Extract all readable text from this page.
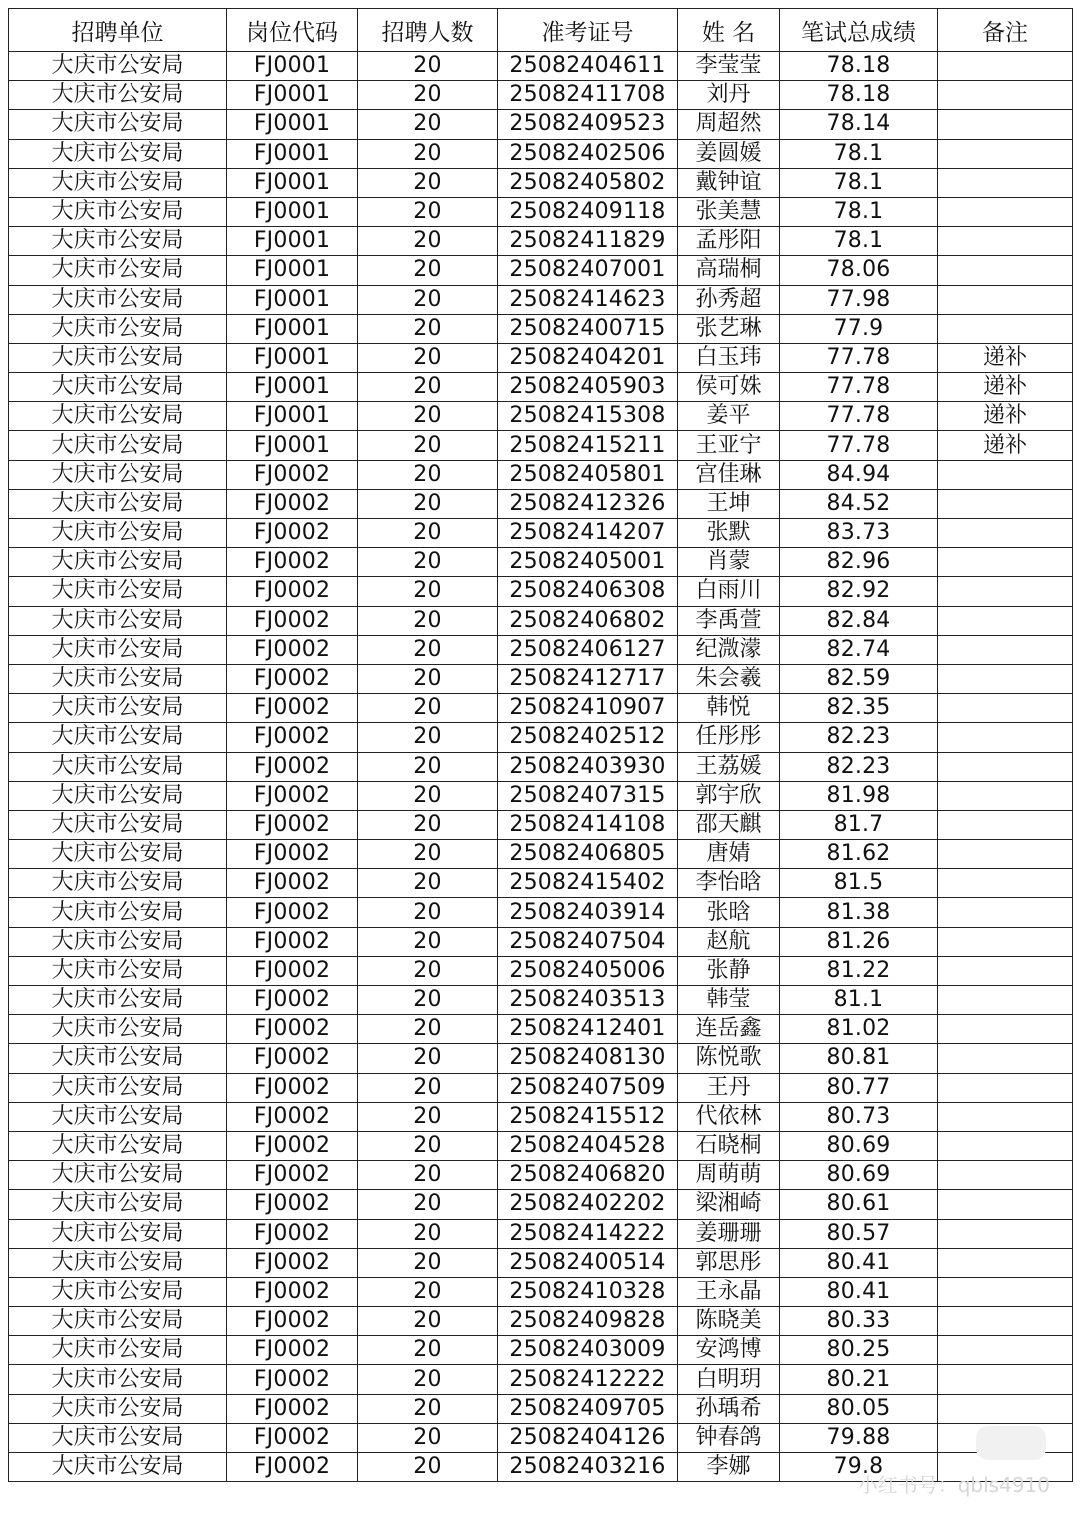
招聘单位	岗位代码	招聘人数	准考证号	姓 名	笔试总成绩	备注
大庆市公安局	FJ0001	20	25082404611	李莹莹	78.18	
大庆市公安局	FJ0001	20	25082411708	刘丹	78.18	
大庆市公安局	FJ0001	20	25082409523	周超然	78.14	
大庆市公安局	FJ0001	20	25082402506	姜圆媛	78.1	
大庆市公安局	FJ0001	20	25082405802	戴钟谊	78.1	
大庆市公安局	FJ0001	20	25082409118	张美慧	78.1	
大庆市公安局	FJ0001	20	25082411829	孟彤阳	78.1	
大庆市公安局	FJ0001	20	25082407001	高瑞桐	78.06	
大庆市公安局	FJ0001	20	25082414623	孙秀超	77.98	
大庆市公安局	FJ0001	20	25082400715	张艺琳	77.9	
大庆市公安局	FJ0001	20	25082404201	白玉玮	77.78	递补
大庆市公安局	FJ0001	20	25082405903	侯可姝	77.78	递补
大庆市公安局	FJ0001	20	25082415308	姜平	77.78	递补
大庆市公安局	FJ0001	20	25082415211	王亚宁	77.78	递补
大庆市公安局	FJ0002	20	25082405801	宫佳琳	84.94	
大庆市公安局	FJ0002	20	25082412326	王坤	84.52	
大庆市公安局	FJ0002	20	25082414207	张默	83.73	
大庆市公安局	FJ0002	20	25082405001	肖蒙	82.96	
大庆市公安局	FJ0002	20	25082406308	白雨川	82.92	
大庆市公安局	FJ0002	20	25082406802	李禹萱	82.84	
大庆市公安局	FJ0002	20	25082406127	纪溦濛	82.74	
大庆市公安局	FJ0002	20	25082412717	朱会羲	82.59	
大庆市公安局	FJ0002	20	25082410907	韩悦	82.35	
大庆市公安局	FJ0002	20	25082402512	任彤彤	82.23	
大庆市公安局	FJ0002	20	25082403930	王荔媛	82.23	
大庆市公安局	FJ0002	20	25082407315	郭宇欣	81.98	
大庆市公安局	FJ0002	20	25082414108	邵天麒	81.7	
大庆市公安局	FJ0002	20	25082406805	唐婧	81.62	
大庆市公安局	FJ0002	20	25082415402	李怡晗	81.5	
大庆市公安局	FJ0002	20	25082403914	张晗	81.38	
大庆市公安局	FJ0002	20	25082407504	赵航	81.26	
大庆市公安局	FJ0002	20	25082405006	张静	81.22	
大庆市公安局	FJ0002	20	25082403513	韩莹	81.1	
大庆市公安局	FJ0002	20	25082412401	连岳鑫	81.02	
大庆市公安局	FJ0002	20	25082408130	陈悦歌	80.81	
大庆市公安局	FJ0002	20	25082407509	王丹	80.77	
大庆市公安局	FJ0002	20	25082415512	代依林	80.73	
大庆市公安局	FJ0002	20	25082404528	石晓桐	80.69	
大庆市公安局	FJ0002	20	25082406820	周萌萌	80.69	
大庆市公安局	FJ0002	20	25082402202	梁湘崎	80.61	
大庆市公安局	FJ0002	20	25082414222	姜珊珊	80.57	
大庆市公安局	FJ0002	20	25082400514	郭思彤	80.41	
大庆市公安局	FJ0002	20	25082410328	王永晶	80.41	
大庆市公安局	FJ0002	20	25082409828	陈晓美	80.33	
大庆市公安局	FJ0002	20	25082403009	安鸿博	80.25	
大庆市公安局	FJ0002	20	25082412222	白明玥	80.21	
大庆市公安局	FJ0002	20	25082409705	孙瑀希	80.05	
大庆市公安局	FJ0002	20	25082404126	钟春鸽	79.88	
大庆市公安局	FJ0002	20	25082403216	李娜	79.8	
小红书号：qbls4910
